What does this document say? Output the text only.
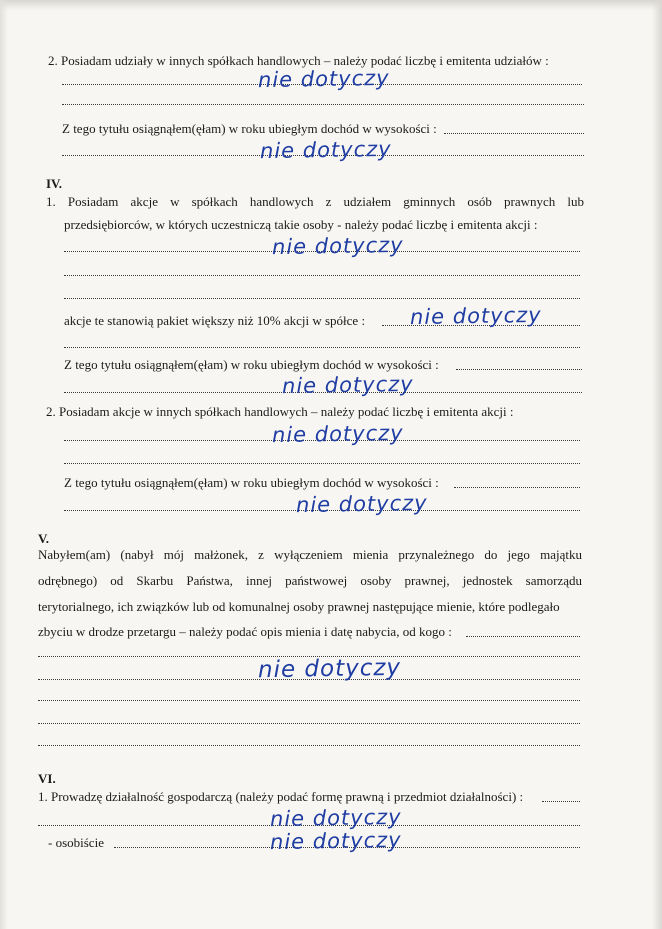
2. Posiadam udziały w innych spółkach handlowych – należy podać liczbę i emitenta udziałów :
nie dotyczy
Z tego tytułu osiągnąłem(ęłam) w roku ubiegłym dochód w wysokości :
nie dotyczy
IV.
1. Posiadam akcje w spółkach handlowych z udziałem gminnych osób prawnych lub
przedsiębiorców, w których uczestniczą takie osoby - należy podać liczbę i emitenta akcji :
nie dotyczy
akcje te stanowią pakiet większy niż 10% akcji w spółce : nie dotyczy
Z tego tytułu osiągnąłem(ęłam) w roku ubiegłym dochód w wysokości :
nie dotyczy
2. Posiadam akcje w innych spółkach handlowych – należy podać liczbę i emitenta akcji :
nie dotyczy
Z tego tytułu osiągnąłem(ęłam) w roku ubiegłym dochód w wysokości :
nie dotyczy
V.
Nabyłem(am) (nabył mój małżonek, z wyłączeniem mienia przynależnego do jego majątku
odrębnego) od Skarbu Państwa, innej państwowej osoby prawnej, jednostek samorządu
terytorialnego, ich związków lub od komunalnej osoby prawnej następujące mienie, które podlegało
zbyciu w drodze przetargu – należy podać opis mienia i datę nabycia, od kogo :
nie dotyczy
VI.
1. Prowadzę działalność gospodarczą (należy podać formę prawną i przedmiot działalności) :
nie dotyczy
- osobiście	nie dotyczy
